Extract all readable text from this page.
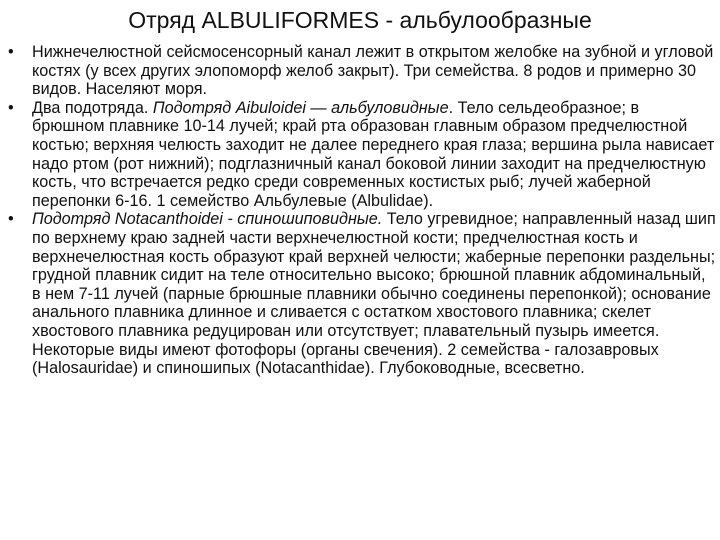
Отряд ALBULIFORMES - альбулообразные
•	Нижнечелюстной сейсмосенсорный канал лежит в открытом желобке на зубной и угловой костях (у всех других элопоморф желоб закрыт). Три семейства. 8 родов и примерно 30 видов. Населяют моря.
•	Два подотряда. Подотряд Aibuloidei — альбуловидные. Тело сельдеобразное; в брюшном плавнике 10-14 лучей; край рта образован главным образом предчелюстной костью; верхняя челюсть заходит не далее переднего края глаза; вершина рыла нависает надо ртом (рот нижний); подглазничный канал боковой линии заходит на предчелюстную кость, что встречается редко среди современных костистых рыб; лучей жаберной перепонки 6-16. 1 семейство Альбулевые (Albulidae).
•	Подотряд Notacanthoidei - спиношиповидные. Тело угревидное; направленный назад шип по верхнему краю задней части верхнечелюстной кости; предчелюстная кость и верхнечелюстная кость образуют край верхней челюсти; жаберные перепонки раздельны; грудной плавник сидит на теле относительно высоко; брюшной плавник абдоминальный, в нем 7-11 лучей (парные брюшные плавники обычно соединены перепонкой); основание анального плавника длинное и сливается с остатком хвостового плавника; скелет хвостового плавника редуцирован или отсутствует; плавательный пузырь имеется. Некоторые виды имеют фотофоры (органы свечения). 2 семейства - галозавровых (Halosauridae) и спиношипых (Notacanthidae). Глубоководные, всесветно.
